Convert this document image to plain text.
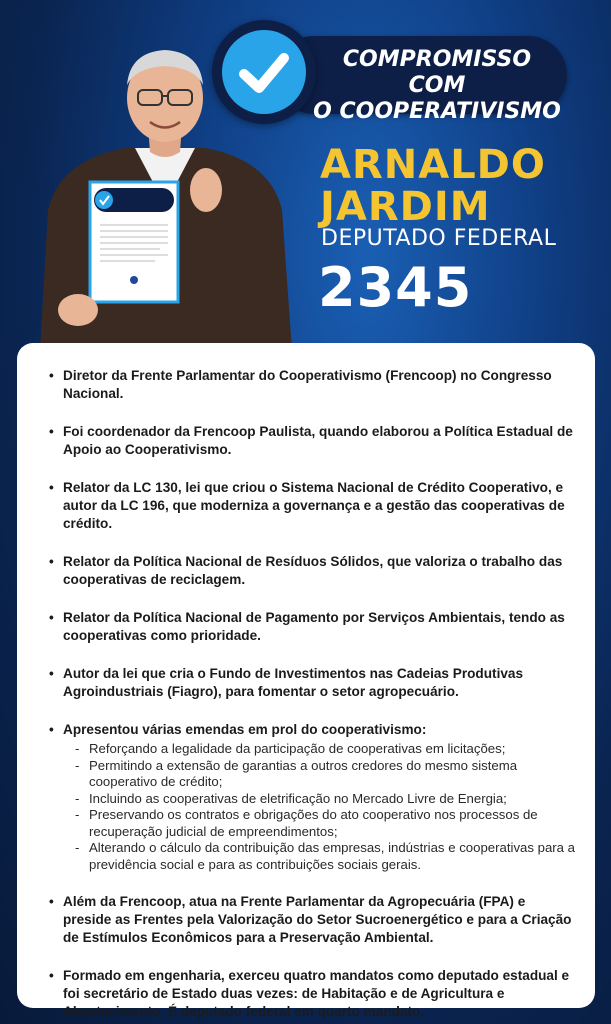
COMPROMISSO COM
O COOPERATIVISMO
ARNALDO
JARDIM
DEPUTADO FEDERAL
2345
• Diretor da Frente Parlamentar do Cooperativismo (Frencoop) no Congresso Nacional.
• Foi coordenador da Frencoop Paulista, quando elaborou a Política Estadual de Apoio ao Cooperativismo.
• Relator da LC 130, lei que criou o Sistema Nacional de Crédito Cooperativo, e autor da LC 196, que moderniza a governança e a gestão das cooperativas de crédito.
• Relator da Política Nacional de Resíduos Sólidos, que valoriza o trabalho das cooperativas de reciclagem.
• Relator da Política Nacional de Pagamento por Serviços Ambientais, tendo as cooperativas como prioridade.
• Autor da lei que cria o Fundo de Investimentos nas Cadeias Produtivas Agroindustriais (Fiagro), para fomentar o setor agropecuário.
• Apresentou várias emendas em prol do cooperativismo:
- Reforçando a legalidade da participação de cooperativas em licitações;
- Permitindo a extensão de garantias a outros credores do mesmo sistema cooperativo de crédito;
- Incluindo as cooperativas de eletrificação no Mercado Livre de Energia;
- Preservando os contratos e obrigações do ato cooperativo nos processos de recuperação judicial de empreendimentos;
- Alterando o cálculo da contribuição das empresas, indústrias e cooperativas para a previdência social e para as contribuições sociais gerais.
• Além da Frencoop, atua na Frente Parlamentar da Agropecuária (FPA) e preside as Frentes pela Valorização do Setor Sucroenergético e para a Criação de Estímulos Econômicos para a Preservação Ambiental.
• Formado em engenharia, exerceu quatro mandatos como deputado estadual e foi secretário de Estado duas vezes: de Habitação e de Agricultura e Abastecimento. É deputado federal em quarto mandato.
